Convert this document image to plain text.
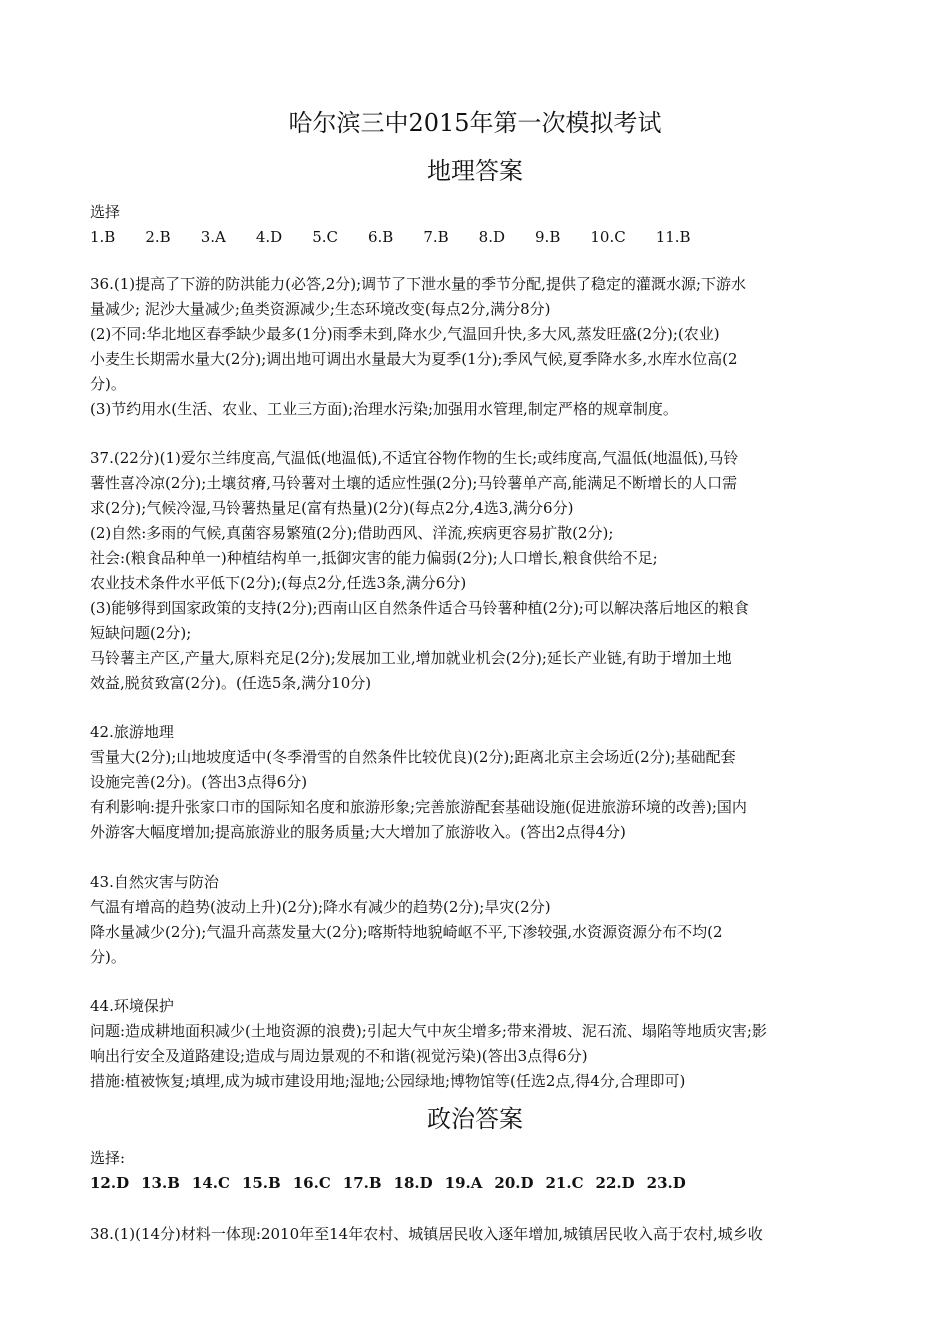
哈尔滨三中2015年第一次模拟考试
地理答案
选择
1.B 2.B 3.A 4.D 5.C 6.B 7.B 8.D 9.B 10.C 11.B
36.(1)提高了下游的防洪能力(必答,2分);调节了下泄水量的季节分配,提供了稳定的灌溉水源;下游水
量减少; 泥沙大量减少;鱼类资源减少;生态环境改变(每点2分,满分8分)
(2)不同:华北地区春季缺少最多(1分)雨季未到,降水少,气温回升快,多大风,蒸发旺盛(2分);(农业)
小麦生长期需水量大(2分);调出地可调出水量最大为夏季(1分);季风气候,夏季降水多,水库水位高(2
分)。
(3)节约用水(生活、农业、工业三方面);治理水污染;加强用水管理,制定严格的规章制度。
37.(22分)(1)爱尔兰纬度高,气温低(地温低),不适宜谷物作物的生长;或纬度高,气温低(地温低),马铃
薯性喜冷凉(2分);土壤贫瘠,马铃薯对土壤的适应性强(2分);马铃薯单产高,能满足不断增长的人口需
求(2分);气候冷湿,马铃薯热量足(富有热量)(2分)(每点2分,4选3,满分6分)
(2)自然:多雨的气候,真菌容易繁殖(2分);借助西风、洋流,疾病更容易扩散(2分);
社会:(粮食品种单一)种植结构单一,抵御灾害的能力偏弱(2分);人口增长,粮食供给不足;
农业技术条件水平低下(2分);(每点2分,任选3条,满分6分)
(3)能够得到国家政策的支持(2分);西南山区自然条件适合马铃薯种植(2分);可以解决落后地区的粮食
短缺问题(2分);
马铃薯主产区,产量大,原料充足(2分);发展加工业,增加就业机会(2分);延长产业链,有助于增加土地
效益,脱贫致富(2分)。(任选5条,满分10分)
42.旅游地理
雪量大(2分);山地坡度适中(冬季滑雪的自然条件比较优良)(2分);距离北京主会场近(2分);基础配套
设施完善(2分)。(答出3点得6分)
有利影响:提升张家口市的国际知名度和旅游形象;完善旅游配套基础设施(促进旅游环境的改善);国内
外游客大幅度增加;提高旅游业的服务质量;大大增加了旅游收入。(答出2点得4分)
43.自然灾害与防治
气温有增高的趋势(波动上升)(2分);降水有减少的趋势(2分);旱灾(2分)
降水量减少(2分);气温升高蒸发量大(2分);喀斯特地貌崎岖不平,下渗较强,水资源资源分布不均(2
分)。
44.环境保护
问题:造成耕地面积减少(土地资源的浪费);引起大气中灰尘增多;带来滑坡、泥石流、塌陷等地质灾害;影
响出行安全及道路建设;造成与周边景观的不和谐(视觉污染)(答出3点得6分)
措施:植被恢复;填埋,成为城市建设用地;湿地;公园绿地;博物馆等(任选2点,得4分,合理即可)
政治答案
选择:
12.D 13.B 14.C 15.B 16.C 17.B 18.D 19.A 20.D 21.C 22.D 23.D
38.(1)(14分)材料一体现:2010年至14年农村、城镇居民收入逐年增加,城镇居民收入高于农村,城乡收
